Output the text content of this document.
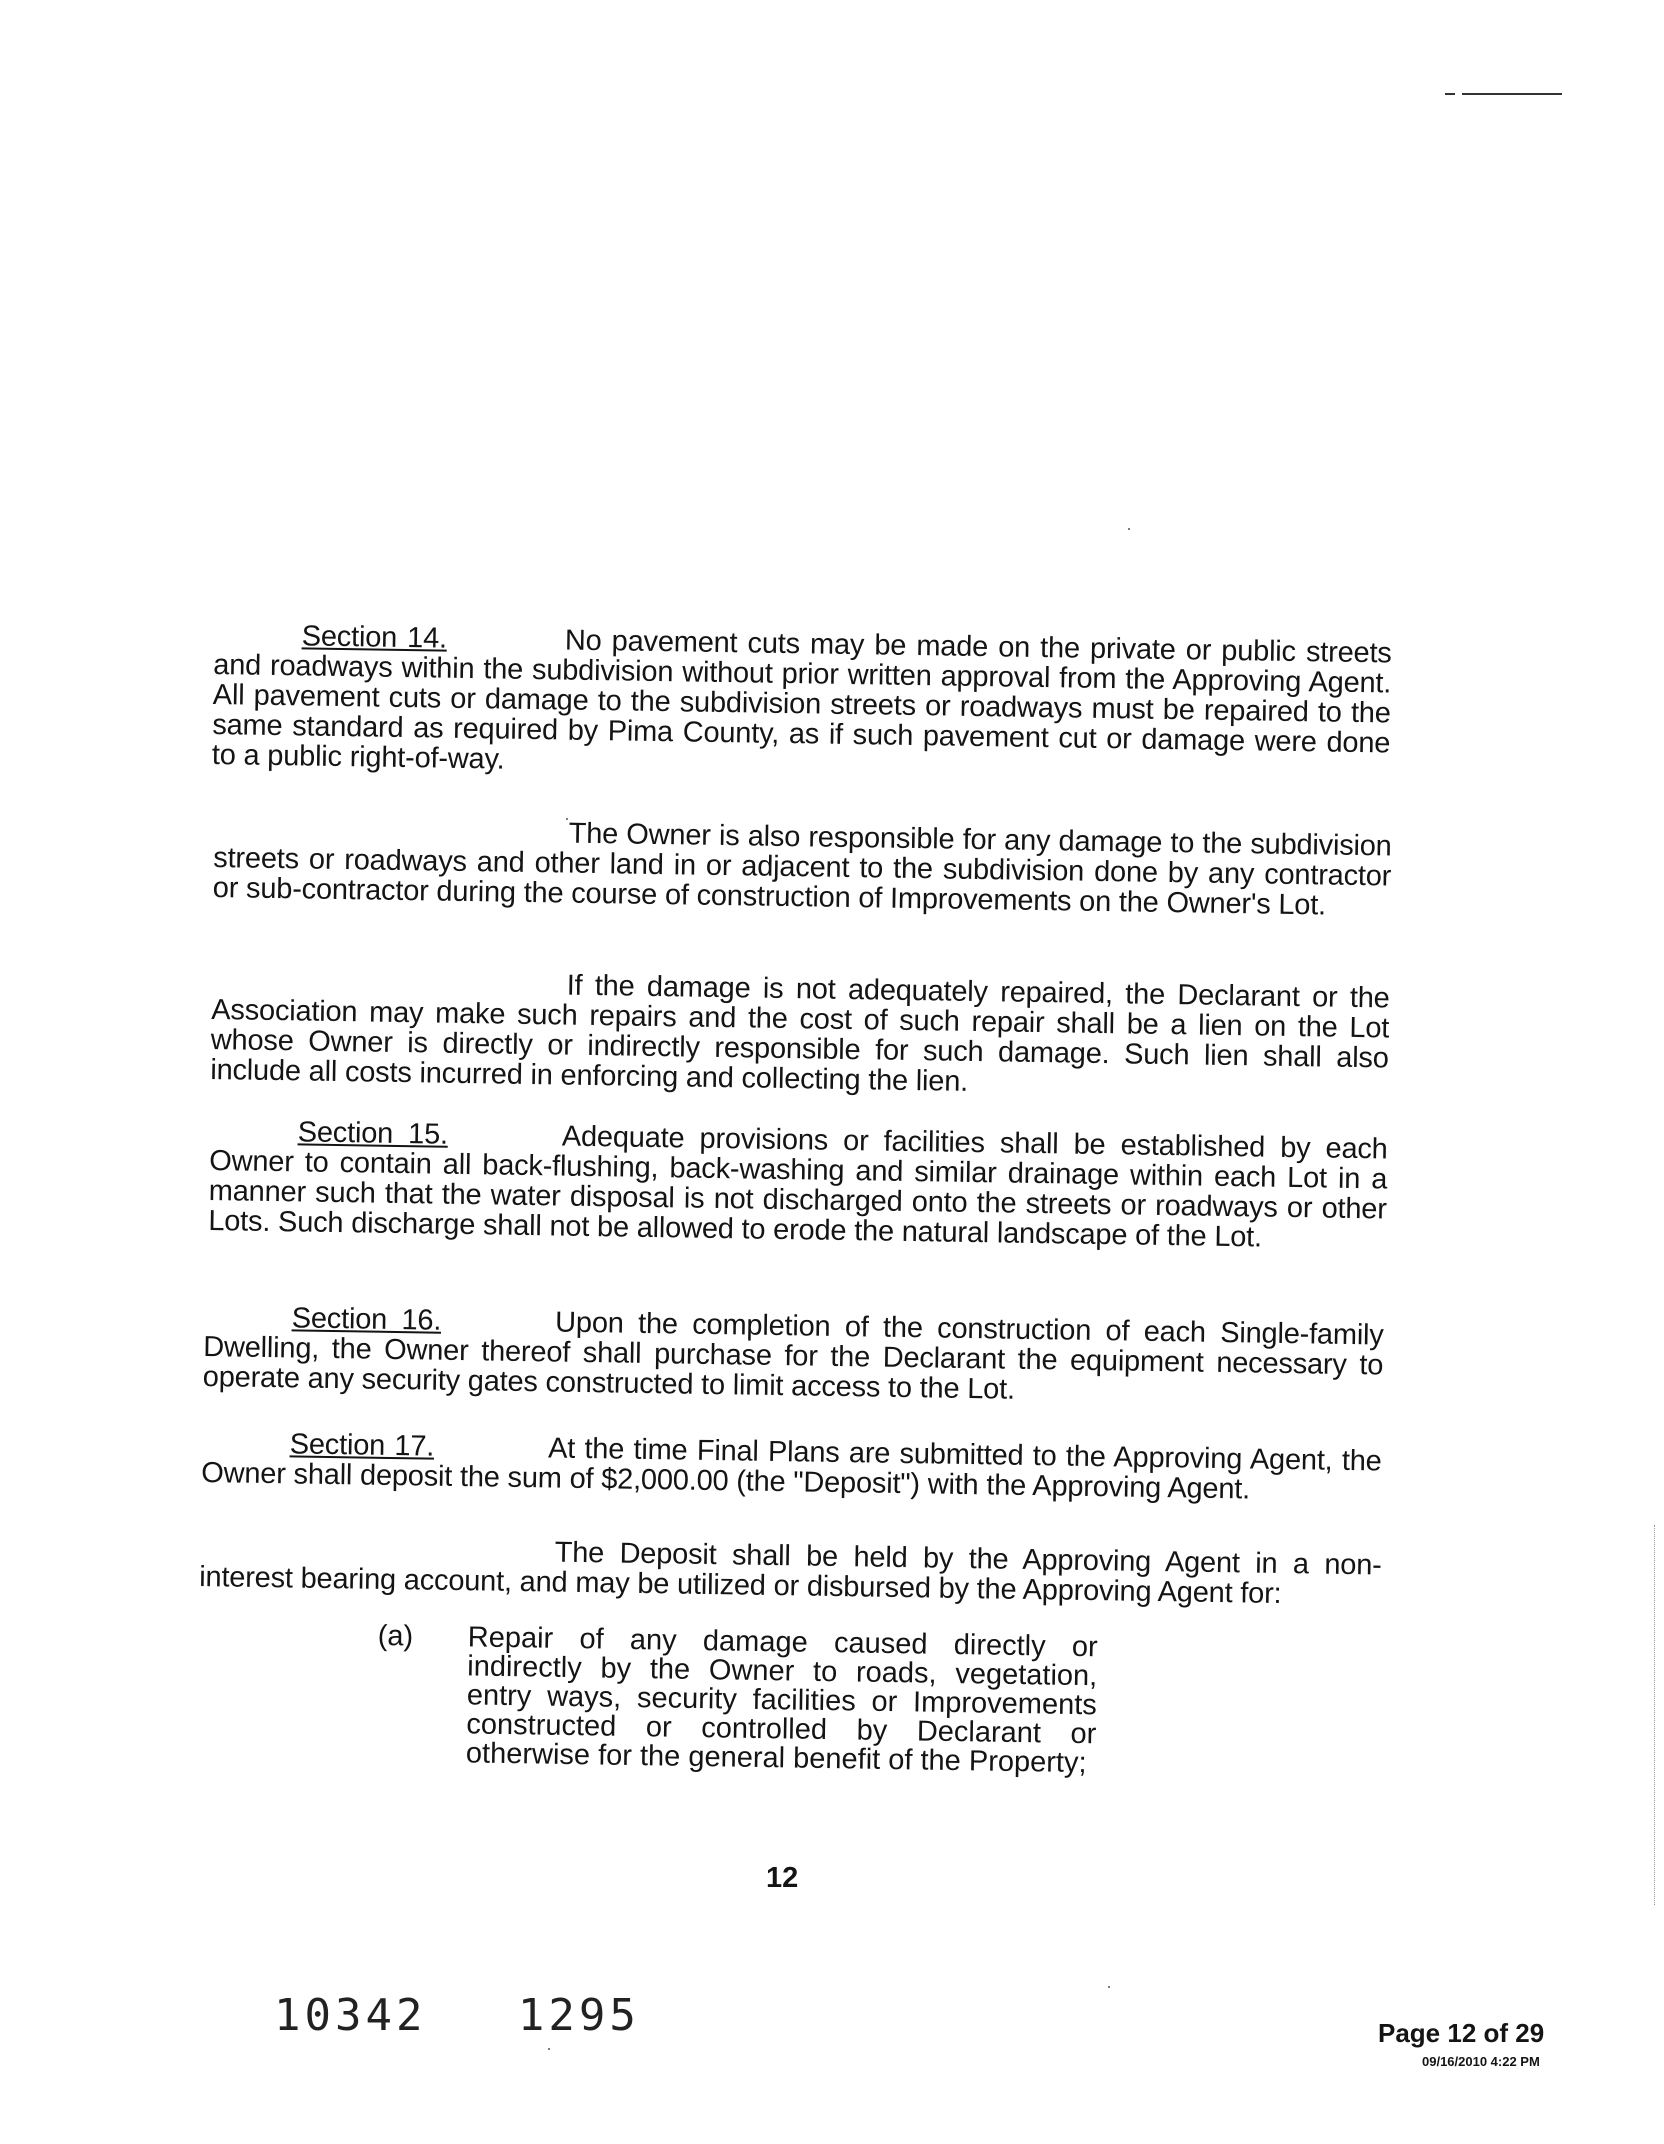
Section 14.	No pavement cuts may be made on the private or public streets and roadways within the subdivision without prior written approval from the Approving Agent. All pavement cuts or damage to the subdivision streets or roadways must be repaired to the same standard as required by Pima County, as if such pavement cut or damage were done to a public right-of-way.

The Owner is also responsible for any damage to the subdivision streets or roadways and other land in or adjacent to the subdivision done by any contractor or sub-contractor during the course of construction of Improvements on the Owner's Lot.

If the damage is not adequately repaired, the Declarant or the Association may make such repairs and the cost of such repair shall be a lien on the Lot whose Owner is directly or indirectly responsible for such damage. Such lien shall also include all costs incurred in enforcing and collecting the lien.

Section 15.	Adequate provisions or facilities shall be established by each Owner to contain all back-flushing, back-washing and similar drainage within each Lot in a manner such that the water disposal is not discharged onto the streets or roadways or other Lots. Such discharge shall not be allowed to erode the natural landscape of the Lot.

Section 16.	Upon the completion of the construction of each Single-family Dwelling, the Owner thereof shall purchase for the Declarant the equipment necessary to operate any security gates constructed to limit access to the Lot.

Section 17.	At the time Final Plans are submitted to the Approving Agent, the Owner shall deposit the sum of $2,000.00 (the "Deposit") with the Approving Agent.

The Deposit shall be held by the Approving Agent in a non-interest bearing account, and may be utilized or disbursed by the Approving Agent for:

(a) Repair of any damage caused directly or indirectly by the Owner to roads, vegetation, entry ways, security facilities or Improvements constructed or controlled by Declarant or otherwise for the general benefit of the Property;
12
10342   1295	Page 12 of 29
09/16/2010 4:22 PM
